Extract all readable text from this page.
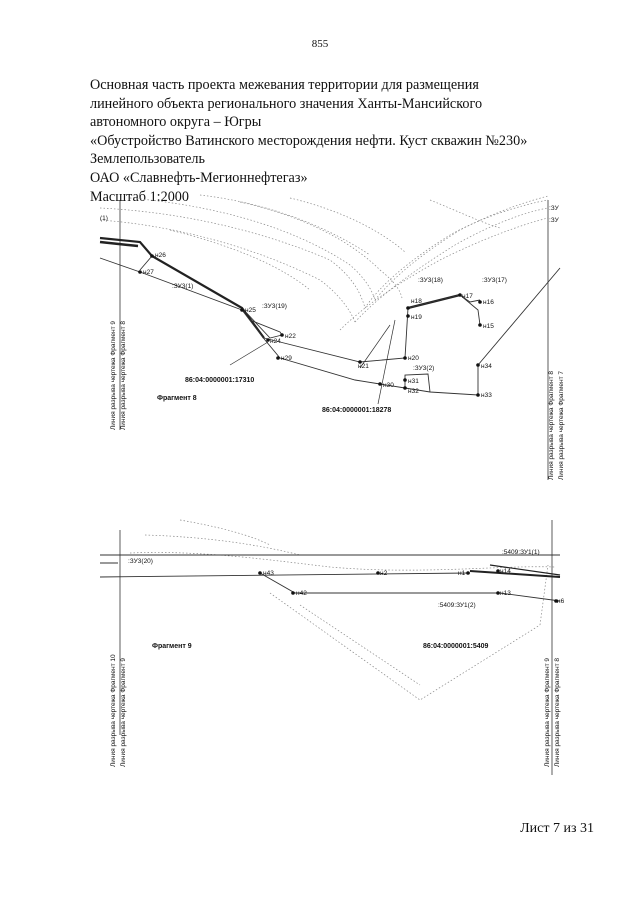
855
Основная часть проекта межевания территории для размещения
линейного объекта регионального значения Ханты-Мансийского
автономного округа – Югры
«Обустройство Ватинского месторождения нефти. Куст скважин №230»
Землепользователь
ОАО «Славнефть-Мегионнефтегаз»
Масштаб 1:2000
н26
н27
н25
н24
н22
н29
н21
н30
н20
н31
н32
н33
н34
н15
н16
н17
н18
н19
:ЗУ3(1)
:ЗУ3(19)
:ЗУ3(18)	:ЗУ3(17)
:ЗУ3(2)
(1)
:ЗУ
:ЗУ
86:04:0000001:17310
86:04:0000001:18278
Фрагмент 8
Линия разрыва чертежа Фрагмент 9 Линия разрыва чертежа Фрагмент 8	Линия разрыва чертежа Фрагмент 8 Линия разрыва чертежа Фрагмент 7
н43
н42
н2	н1	н14
н13
н6
:ЗУ3(20)
:5409:ЗУ1(1)
:5409:ЗУ1(2)
Фрагмент 9	86:04:0000001:5409
Линия разрыва чертежа Фрагмент 10 Линия разрыва чертежа Фрагмент 9	Линия разрыва чертежа Фрагмент 9 Линия разрыва чертежа Фрагмент 8
Лист 7 из 31
